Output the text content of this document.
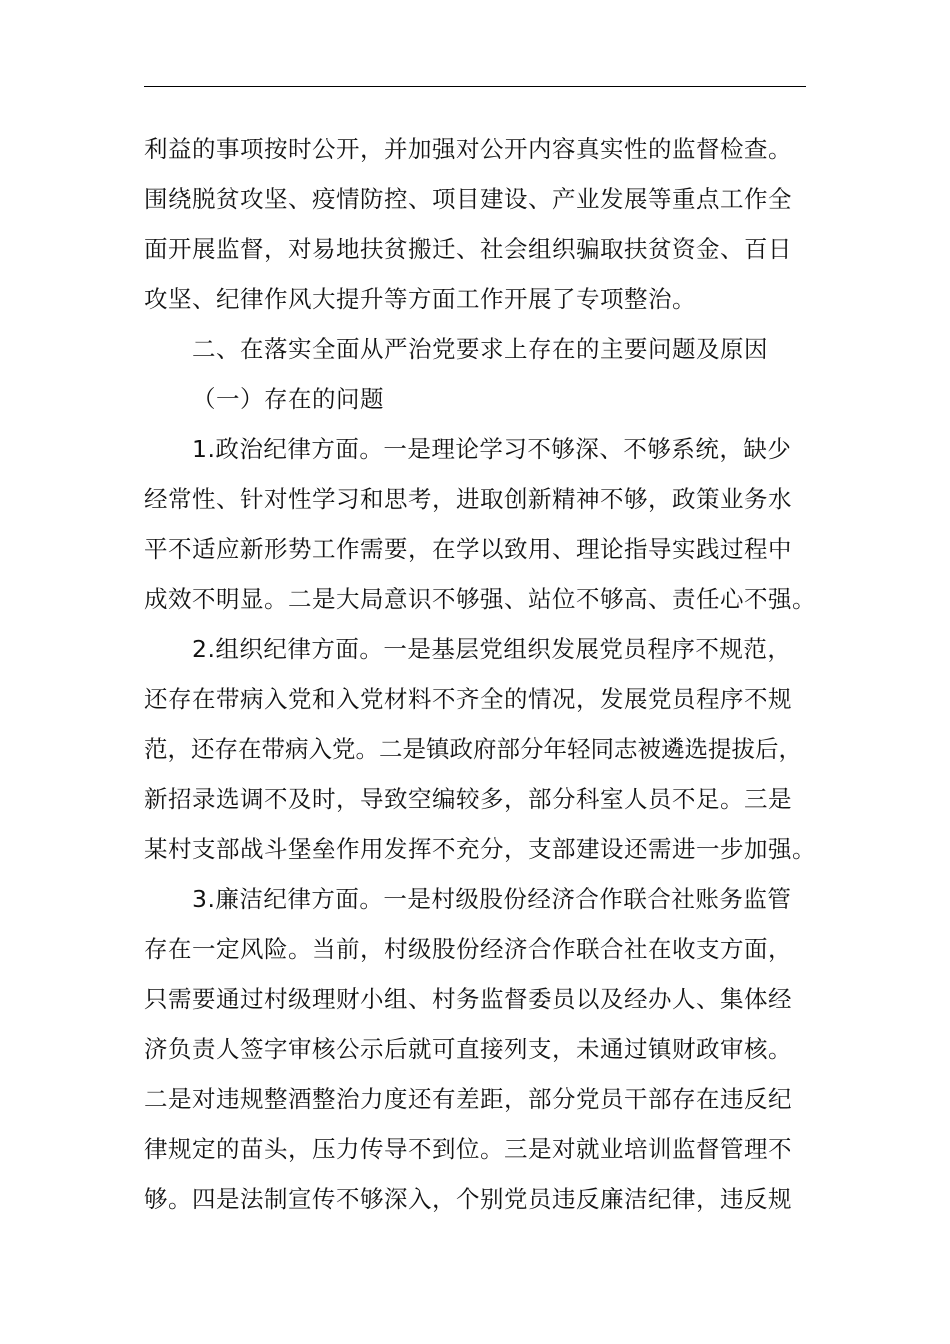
利益的事项按时公开，并加强对公开内容真实性的监督检查。
围绕脱贫攻坚、疫情防控、项目建设、产业发展等重点工作全
面开展监督，对易地扶贫搬迁、社会组织骗取扶贫资金、百日
攻坚、纪律作风大提升等方面工作开展了专项整治。
二、在落实全面从严治党要求上存在的主要问题及原因
（一）存在的问题
1.政治纪律方面。一是理论学习不够深、不够系统，缺少
经常性、针对性学习和思考，进取创新精神不够，政策业务水
平不适应新形势工作需要，在学以致用、理论指导实践过程中
成效不明显。二是大局意识不够强、站位不够高、责任心不强。
2.组织纪律方面。一是基层党组织发展党员程序不规范，
还存在带病入党和入党材料不齐全的情况，发展党员程序不规
范，还存在带病入党。二是镇政府部分年轻同志被遴选提拔后，
新招录选调不及时，导致空编较多，部分科室人员不足。三是
某村支部战斗堡垒作用发挥不充分，支部建设还需进一步加强。
3.廉洁纪律方面。一是村级股份经济合作联合社账务监管
存在一定风险。当前，村级股份经济合作联合社在收支方面，
只需要通过村级理财小组、村务监督委员以及经办人、集体经
济负责人签字审核公示后就可直接列支，未通过镇财政审核。
二是对违规整酒整治力度还有差距，部分党员干部存在违反纪
律规定的苗头，压力传导不到位。三是对就业培训监督管理不
够。四是法制宣传不够深入，个别党员违反廉洁纪律，违反规
